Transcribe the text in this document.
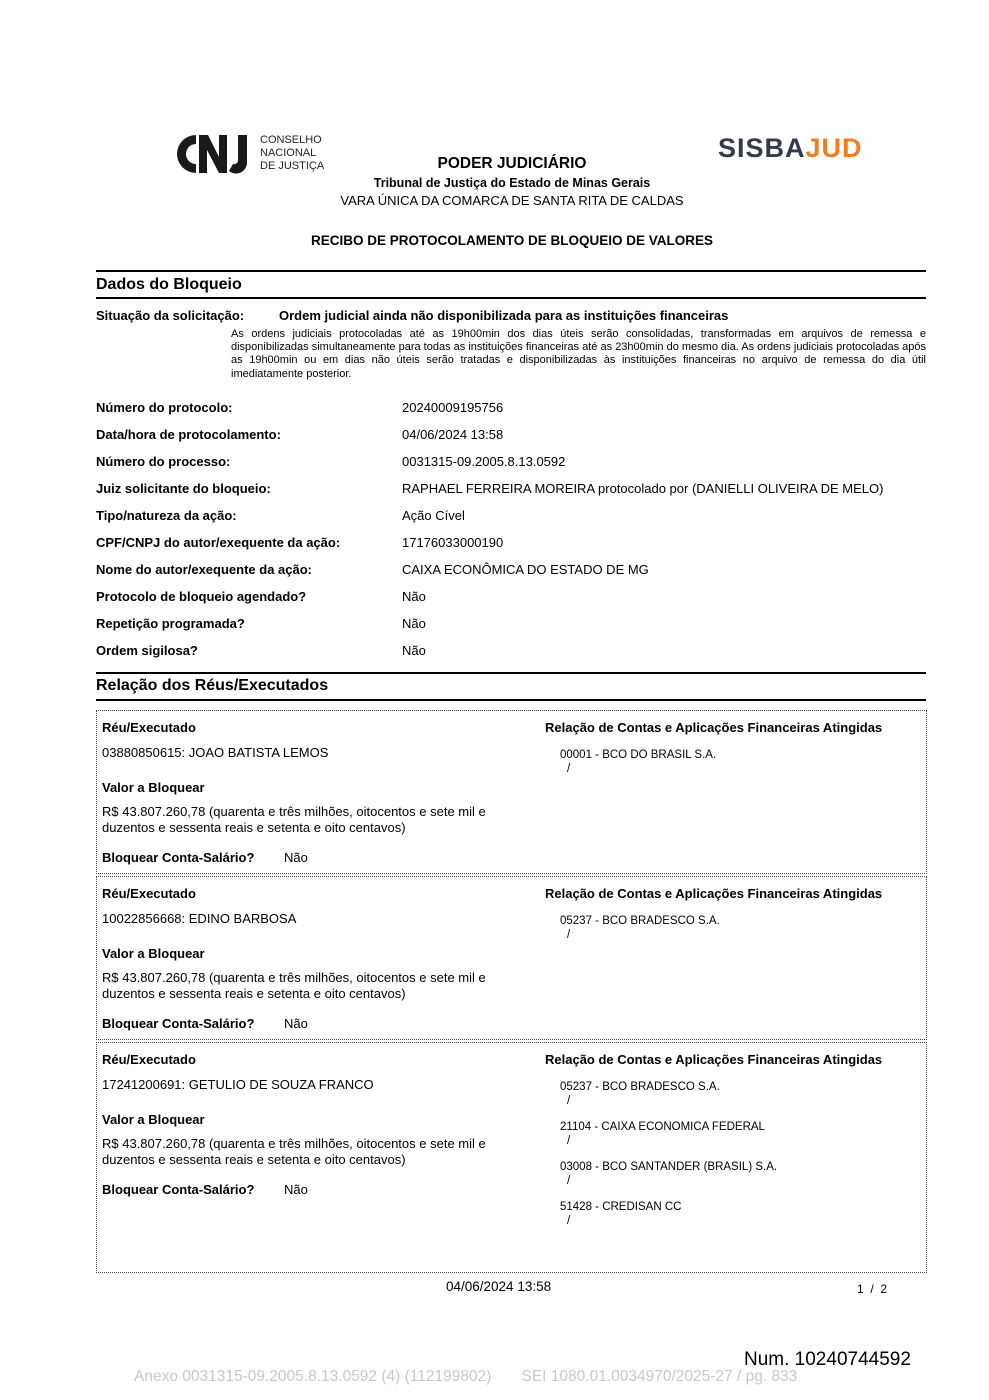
CONSELHO
NACIONAL
DE JUSTIÇA
SISBAJUD
PODER JUDICIÁRIO
Tribunal de Justiça do Estado de Minas Gerais
VARA ÚNICA DA COMARCA DE SANTA RITA DE CALDAS
RECIBO DE PROTOCOLAMENTO DE BLOQUEIO DE VALORES
Dados do Bloqueio
Situação da solicitação:	Ordem judicial ainda não disponibilizada para as instituições financeiras
As ordens judiciais protocoladas até as 19h00min dos dias úteis serão consolidadas, transformadas em arquivos de remessa e disponibilizadas simultaneamente para todas as instituições financeiras até as 23h00min do mesmo dia. As ordens judiciais protocoladas após as 19h00min ou em dias não úteis serão tratadas e disponibilizadas às instituições financeiras no arquivo de remessa do dia útil imediatamente posterior.
Número do protocolo:	20240009195756
Data/hora de protocolamento:	04/06/2024 13:58
Número do processo:	0031315-09.2005.8.13.0592
Juiz solicitante do bloqueio:	RAPHAEL FERREIRA MOREIRA protocolado por (DANIELLI OLIVEIRA DE MELO)
Tipo/natureza da ação:	Ação Cível
CPF/CNPJ do autor/exequente da ação:	17176033000190
Nome do autor/exequente da ação:	CAIXA ECONÔMICA DO ESTADO DE MG
Protocolo de bloqueio agendado?	Não
Repetição programada?	Não
Ordem sigilosa?	Não
Relação dos Réus/Executados
Réu/Executado
03880850615: JOAO BATISTA LEMOS
Valor a Bloquear
R$ 43.807.260,78 (quarenta e três milhões, oitocentos e sete mil e duzentos e sessenta reais e setenta e oito centavos)
Bloquear Conta-Salário? Não
Relação de Contas e Aplicações Financeiras Atingidas
00001 - BCO DO BRASIL S.A.
/
Réu/Executado
10022856668: EDINO BARBOSA
Valor a Bloquear
R$ 43.807.260,78 (quarenta e três milhões, oitocentos e sete mil e duzentos e sessenta reais e setenta e oito centavos)
Bloquear Conta-Salário? Não
Relação de Contas e Aplicações Financeiras Atingidas
05237 - BCO BRADESCO S.A.
/
Réu/Executado
17241200691: GETULIO DE SOUZA FRANCO
Valor a Bloquear
R$ 43.807.260,78 (quarenta e três milhões, oitocentos e sete mil e duzentos e sessenta reais e setenta e oito centavos)
Bloquear Conta-Salário? Não
Relação de Contas e Aplicações Financeiras Atingidas
05237 - BCO BRADESCO S.A.
/
21104 - CAIXA ECONOMICA FEDERAL
/
03008 - BCO SANTANDER (BRASIL) S.A.
/
51428 - CREDISAN CC
/
04/06/2024 13:58	1  /  2
Num. 10240744592
Anexo 0031315-09.2005.8.13.0592 (4) (112199802)       SEI 1080.01.0034970/2025-27 / pg. 833
